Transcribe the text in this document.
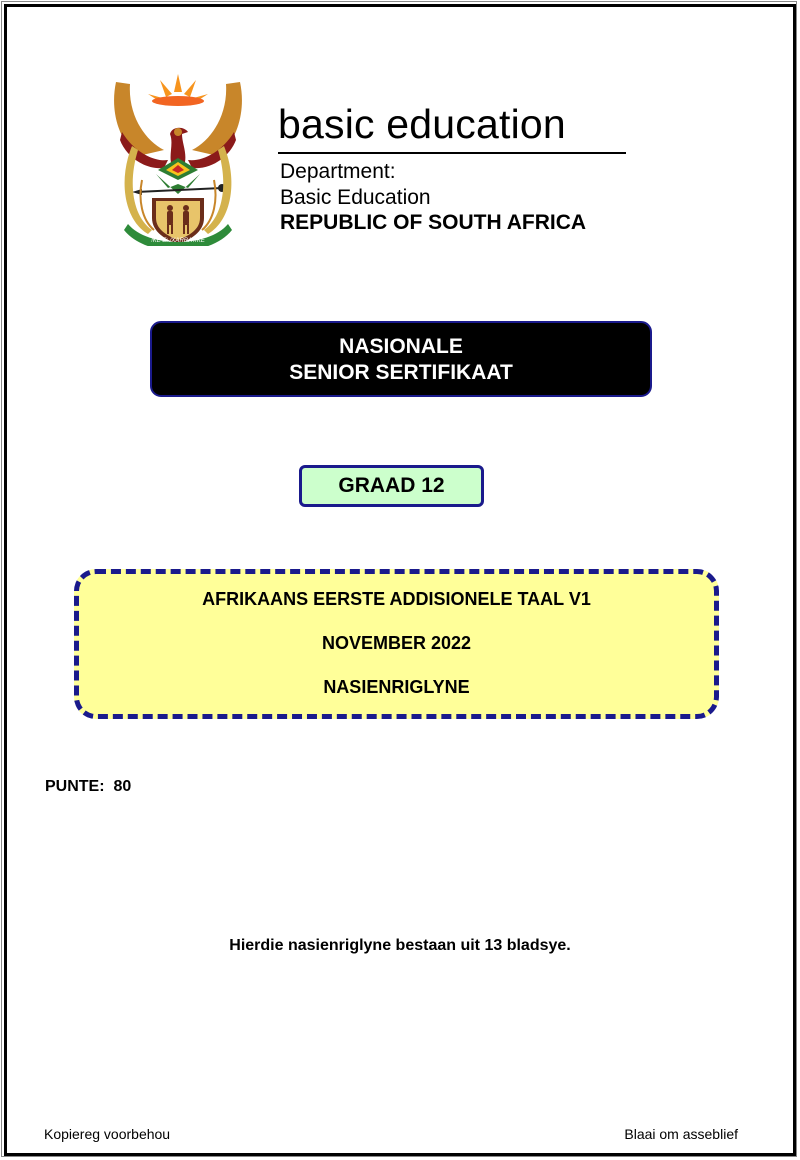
!KE E: /XARRA //KE
basic education
Department:
Basic Education
REPUBLIC OF SOUTH AFRICA
NASIONALE
SENIOR SERTIFIKAAT
GRAAD 12
AFRIKAANS EERSTE ADDISIONELE TAAL V1
NOVEMBER 2022
NASIENRIGLYNE
PUNTE:  80
Hierdie nasienriglyne bestaan uit 13 bladsye.
Kopiereg voorbehou	Blaai om asseblief
